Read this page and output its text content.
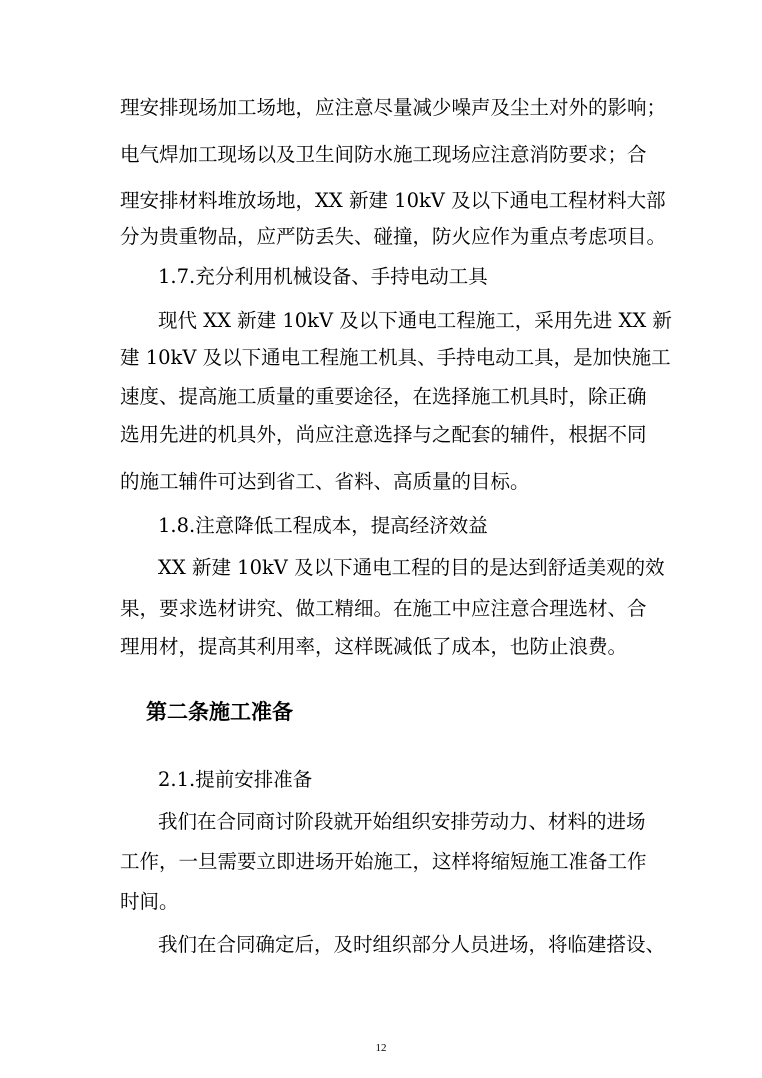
理安排现场加工场地，应注意尽量减少噪声及尘土对外的影响；
电气焊加工现场以及卫生间防水施工现场应注意消防要求；合
理安排材料堆放场地，XX 新建 10kV 及以下通电工程材料大部
分为贵重物品，应严防丢失、碰撞，防火应作为重点考虑项目。
1.7.充分利用机械设备、手持电动工具
现代 XX 新建 10kV 及以下通电工程施工，采用先进 XX 新
建 10kV 及以下通电工程施工机具、手持电动工具，是加快施工
速度、提高施工质量的重要途径，在选择施工机具时，除正确
选用先进的机具外，尚应注意选择与之配套的辅件，根据不同
的施工辅件可达到省工、省料、高质量的目标。
1.8.注意降低工程成本，提高经济效益
XX 新建 10kV 及以下通电工程的目的是达到舒适美观的效
果，要求选材讲究、做工精细。在施工中应注意合理选材、合
理用材，提高其利用率，这样既减低了成本，也防止浪费。
第二条施工准备
2.1.提前安排准备
我们在合同商讨阶段就开始组织安排劳动力、材料的进场
工作，一旦需要立即进场开始施工，这样将缩短施工准备工作
时间。
我们在合同确定后，及时组织部分人员进场，将临建搭设、
12
